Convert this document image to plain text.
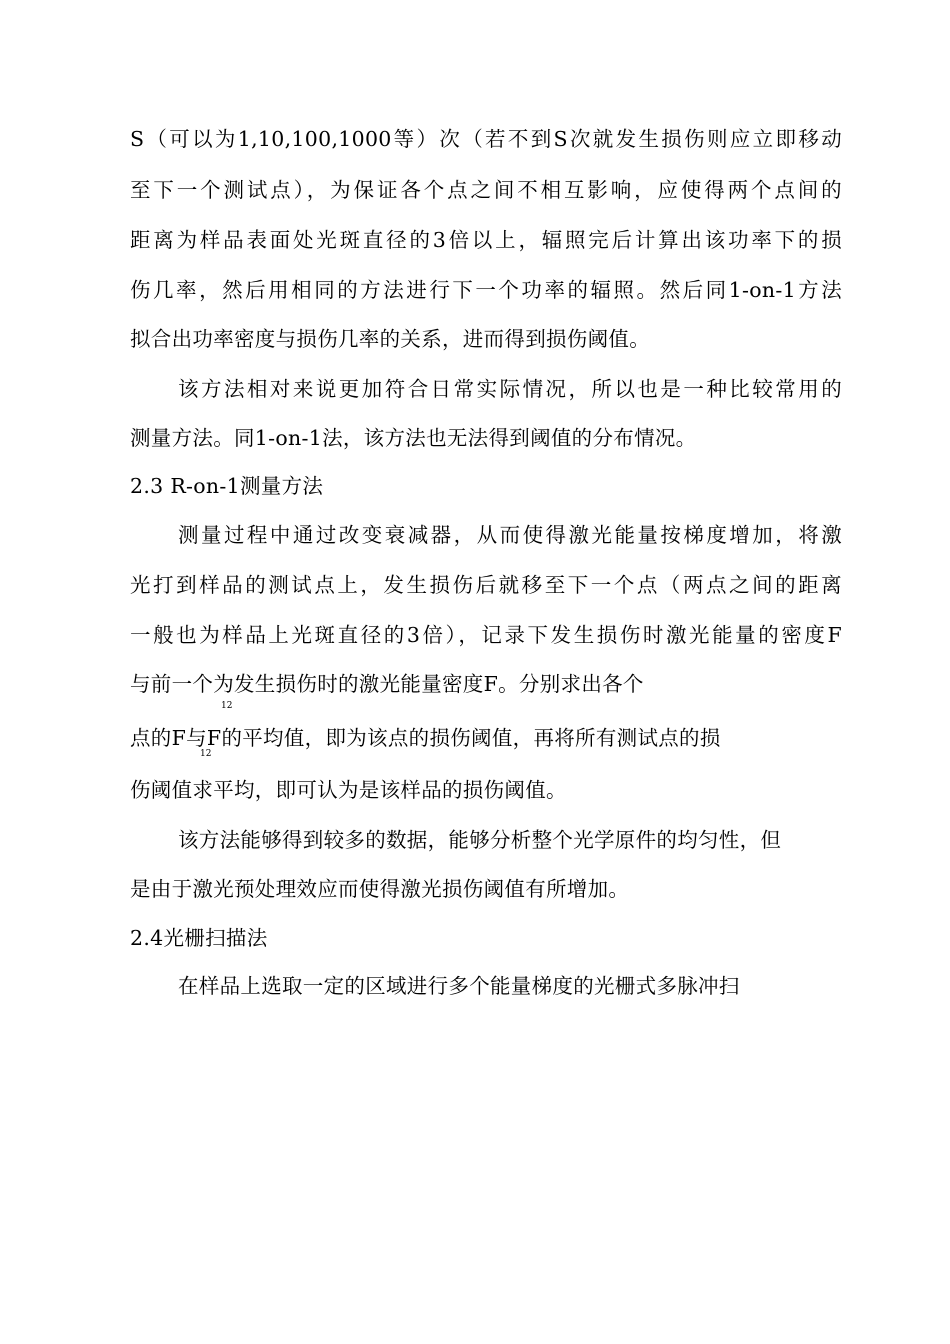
S（可以为1,10,100,1000等）次（若不到S次就发生损伤则应立即移动
至下一个测试点），为保证各个点之间不相互影响，应使得两个点间的
距离为样品表面处光斑直径的3倍以上，辐照完后计算出该功率下的损
伤几率，然后用相同的方法进行下一个功率的辐照。然后同1-on-1方法
拟合出功率密度与损伤几率的关系，进而得到损伤阈值。
该方法相对来说更加符合日常实际情况，所以也是一种比较常用的
测量方法。同1-on-1法，该方法也无法得到阈值的分布情况。
2.3 R-on-1测量方法
测量过程中通过改变衰减器，从而使得激光能量按梯度增加，将激
光打到样品的测试点上，发生损伤后就移至下一个点（两点之间的距离
一般也为样品上光斑直径的3倍），记录下发生损伤时激光能量的密度F
与前一个为发生损伤时的激光能量密度F。分别求出各个
12
点的F与F的平均值，即为该点的损伤阈值，再将所有测试点的损
12
伤阈值求平均，即可认为是该样品的损伤阈值。
该方法能够得到较多的数据，能够分析整个光学原件的均匀性，但
是由于激光预处理效应而使得激光损伤阈值有所增加。
2.4光栅扫描法
在样品上选取一定的区域进行多个能量梯度的光栅式多脉冲扫
